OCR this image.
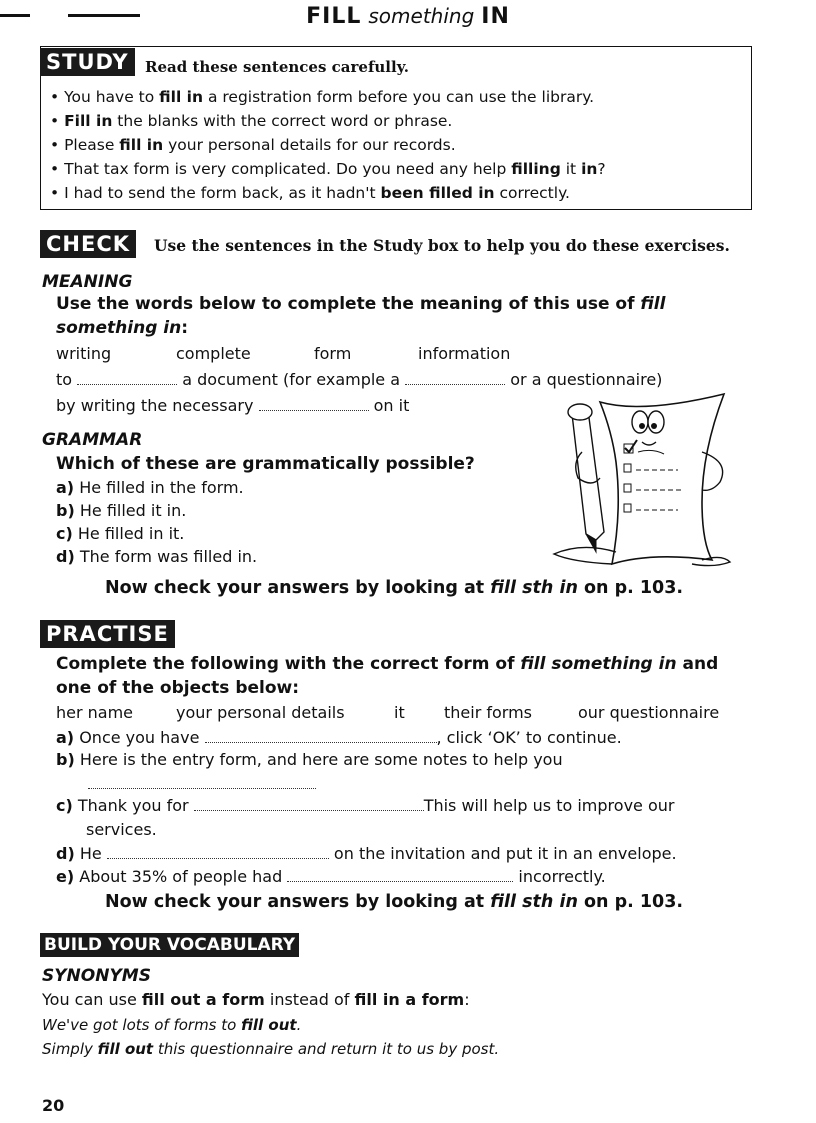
FILL something IN
STUDY	Read these sentences carefully.
• You have to fill in a registration form before you can use the library.
• Fill in the blanks with the correct word or phrase.
• Please fill in your personal details for our records.
• That tax form is very complicated. Do you need any help filling it in?
• I had to send the form back, as it hadn't been filled in correctly.
CHECK	Use the sentences in the Study box to help you do these exercises.
MEANING
Use the words below to complete the meaning of this use of fill
something in:
writing	complete	form	information
to	a document (for example a	or a questionnaire)
by writing the necessary	on it
GRAMMAR
Which of these are grammatically possible?
a) He filled in the form.
b) He filled it in.
c) He filled in it.
d) The form was filled in.
Now check your answers by looking at fill sth in on p. 103.
PRACTISE
Complete the following with the correct form of fill something in and
one of the objects below:
her name	your personal details	it their forms	our questionnaire
a) Once you have	, click ‘OK’ to continue.
b) Here is the entry form, and here are some notes to help you
c) Thank you for	This will help us to improve our
services.
d) He	on the invitation and put it in an envelope.
e) About 35% of people had	incorrectly.
Now check your answers by looking at fill sth in on p. 103.
BUILD YOUR VOCABULARY
SYNONYMS
You can use fill out a form instead of fill in a form:
We've got lots of forms to fill out.
Simply fill out this questionnaire and return it to us by post.
20
